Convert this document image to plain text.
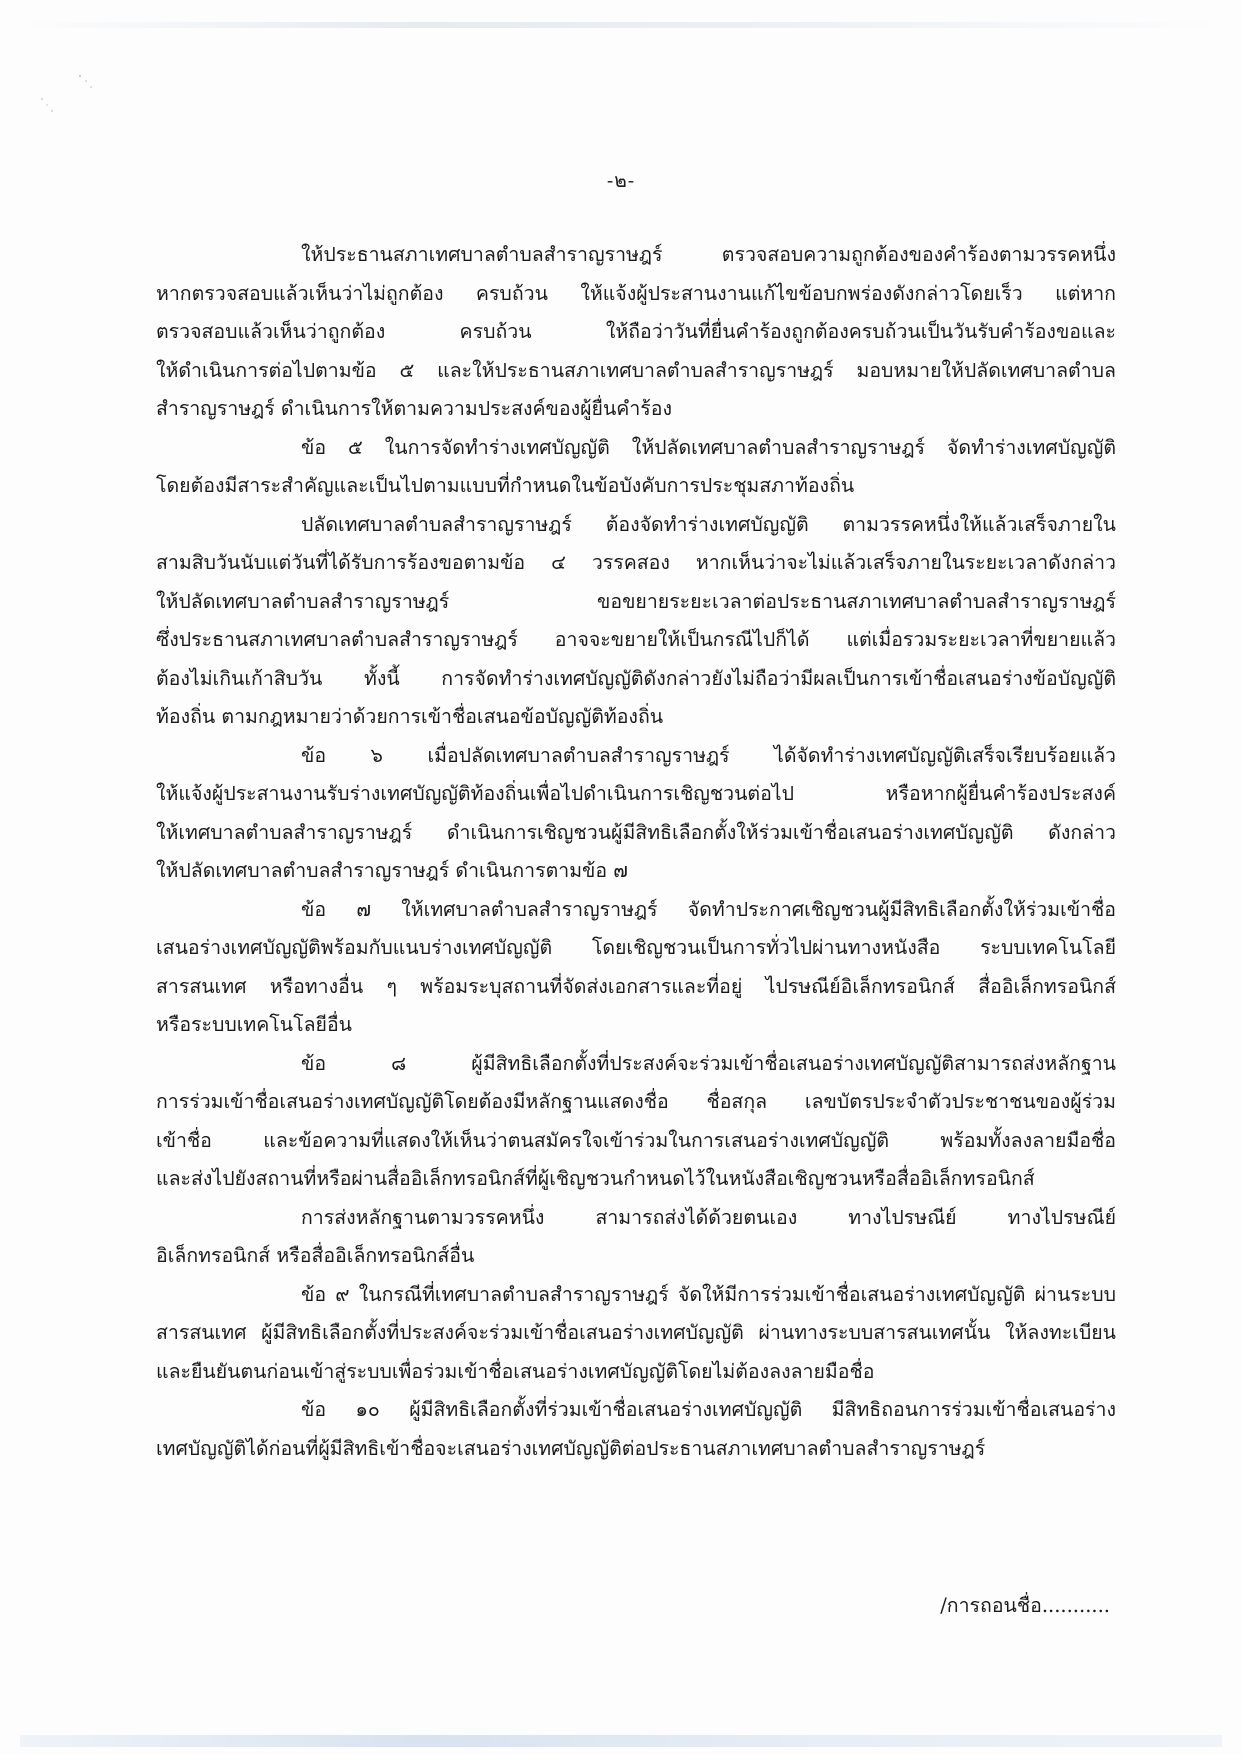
-๒-
ให้ประธานสภาเทศบาลตำบลสำราญราษฎร์ ตรวจสอบความถูกต้องของคำร้องตามวรรคหนึ่ง
หากตรวจสอบแล้วเห็นว่าไม่ถูกต้อง ครบถ้วน ให้แจ้งผู้ประสานงานแก้ไขข้อบกพร่องดังกล่าวโดยเร็ว แต่หาก
ตรวจสอบแล้วเห็นว่าถูกต้อง ครบถ้วน ให้ถือว่าวันที่ยื่นคำร้องถูกต้องครบถ้วนเป็นวันรับคำร้องขอและ
ให้ดำเนินการต่อไปตามข้อ ๕ และให้ประธานสภาเทศบาลตำบลสำราญราษฎร์ มอบหมายให้ปลัดเทศบาลตำบล
สำราญราษฎร์ ดำเนินการให้ตามความประสงค์ของผู้ยื่นคำร้อง
ข้อ ๕ ในการจัดทำร่างเทศบัญญัติ ให้ปลัดเทศบาลตำบลสำราญราษฎร์ จัดทำร่างเทศบัญญัติ
โดยต้องมีสาระสำคัญและเป็นไปตามแบบที่กำหนดในข้อบังคับการประชุมสภาท้องถิ่น
ปลัดเทศบาลตำบลสำราญราษฎร์ ต้องจัดทำร่างเทศบัญญัติ ตามวรรคหนึ่งให้แล้วเสร็จภายใน
สามสิบวันนับแต่วันที่ได้รับการร้องขอตามข้อ ๔ วรรคสอง หากเห็นว่าจะไม่แล้วเสร็จภายในระยะเวลาดังกล่าว
ให้ปลัดเทศบาลตำบลสำราญราษฎร์ ขอขยายระยะเวลาต่อประธานสภาเทศบาลตำบลสำราญราษฎร์
ซึ่งประธานสภาเทศบาลตำบลสำราญราษฎร์ อาจจะขยายให้เป็นกรณีไปก็ได้ แต่เมื่อรวมระยะเวลาที่ขยายแล้ว
ต้องไม่เกินเก้าสิบวัน ทั้งนี้ การจัดทำร่างเทศบัญญัติดังกล่าวยังไม่ถือว่ามีผลเป็นการเข้าชื่อเสนอร่างข้อบัญญัติ
ท้องถิ่น ตามกฎหมายว่าด้วยการเข้าชื่อเสนอข้อบัญญัติท้องถิ่น
ข้อ ๖ เมื่อปลัดเทศบาลตำบลสำราญราษฎร์ ได้จัดทำร่างเทศบัญญัติเสร็จเรียบร้อยแล้ว
ให้แจ้งผู้ประสานงานรับร่างเทศบัญญัติท้องถิ่นเพื่อไปดำเนินการเชิญชวนต่อไป หรือหากผู้ยื่นคำร้องประสงค์
ให้เทศบาลตำบลสำราญราษฎร์ ดำเนินการเชิญชวนผู้มีสิทธิเลือกตั้งให้ร่วมเข้าชื่อเสนอร่างเทศบัญญัติ ดังกล่าว
ให้ปลัดเทศบาลตำบลสำราญราษฎร์ ดำเนินการตามข้อ ๗
ข้อ ๗ ให้เทศบาลตำบลสำราญราษฎร์ จัดทำประกาศเชิญชวนผู้มีสิทธิเลือกตั้งให้ร่วมเข้าชื่อ
เสนอร่างเทศบัญญัติพร้อมกับแนบร่างเทศบัญญัติ โดยเชิญชวนเป็นการทั่วไปผ่านทางหนังสือ ระบบเทคโนโลยี
สารสนเทศ หรือทางอื่น ๆ พร้อมระบุสถานที่จัดส่งเอกสารและที่อยู่ ไปรษณีย์อิเล็กทรอนิกส์ สื่ออิเล็กทรอนิกส์
หรือระบบเทคโนโลยีอื่น
ข้อ ๘ ผู้มีสิทธิเลือกตั้งที่ประสงค์จะร่วมเข้าชื่อเสนอร่างเทศบัญญัติสามารถส่งหลักฐาน
การร่วมเข้าชื่อเสนอร่างเทศบัญญัติโดยต้องมีหลักฐานแสดงชื่อ ชื่อสกุล เลขบัตรประจำตัวประชาชนของผู้ร่วม
เข้าชื่อ และข้อความที่แสดงให้เห็นว่าตนสมัครใจเข้าร่วมในการเสนอร่างเทศบัญญัติ พร้อมทั้งลงลายมือชื่อ
และส่งไปยังสถานที่หรือผ่านสื่ออิเล็กทรอนิกส์ที่ผู้เชิญชวนกำหนดไว้ในหนังสือเชิญชวนหรือสื่ออิเล็กทรอนิกส์
การส่งหลักฐานตามวรรคหนึ่ง สามารถส่งได้ด้วยตนเอง ทางไปรษณีย์ ทางไปรษณีย์
อิเล็กทรอนิกส์ หรือสื่ออิเล็กทรอนิกส์อื่น
ข้อ ๙ ในกรณีที่เทศบาลตำบลสำราญราษฎร์ จัดให้มีการร่วมเข้าชื่อเสนอร่างเทศบัญญัติ ผ่านระบบ
สารสนเทศ ผู้มีสิทธิเลือกตั้งที่ประสงค์จะร่วมเข้าชื่อเสนอร่างเทศบัญญัติ ผ่านทางระบบสารสนเทศนั้น ให้ลงทะเบียน
และยืนยันตนก่อนเข้าสู่ระบบเพื่อร่วมเข้าชื่อเสนอร่างเทศบัญญัติโดยไม่ต้องลงลายมือชื่อ
ข้อ ๑๐ ผู้มีสิทธิเลือกตั้งที่ร่วมเข้าชื่อเสนอร่างเทศบัญญัติ มีสิทธิถอนการร่วมเข้าชื่อเสนอร่าง
เทศบัญญัติได้ก่อนที่ผู้มีสิทธิเข้าชื่อจะเสนอร่างเทศบัญญัติต่อประธานสภาเทศบาลตำบลสำราญราษฎร์
/การถอนชื่อ...........
